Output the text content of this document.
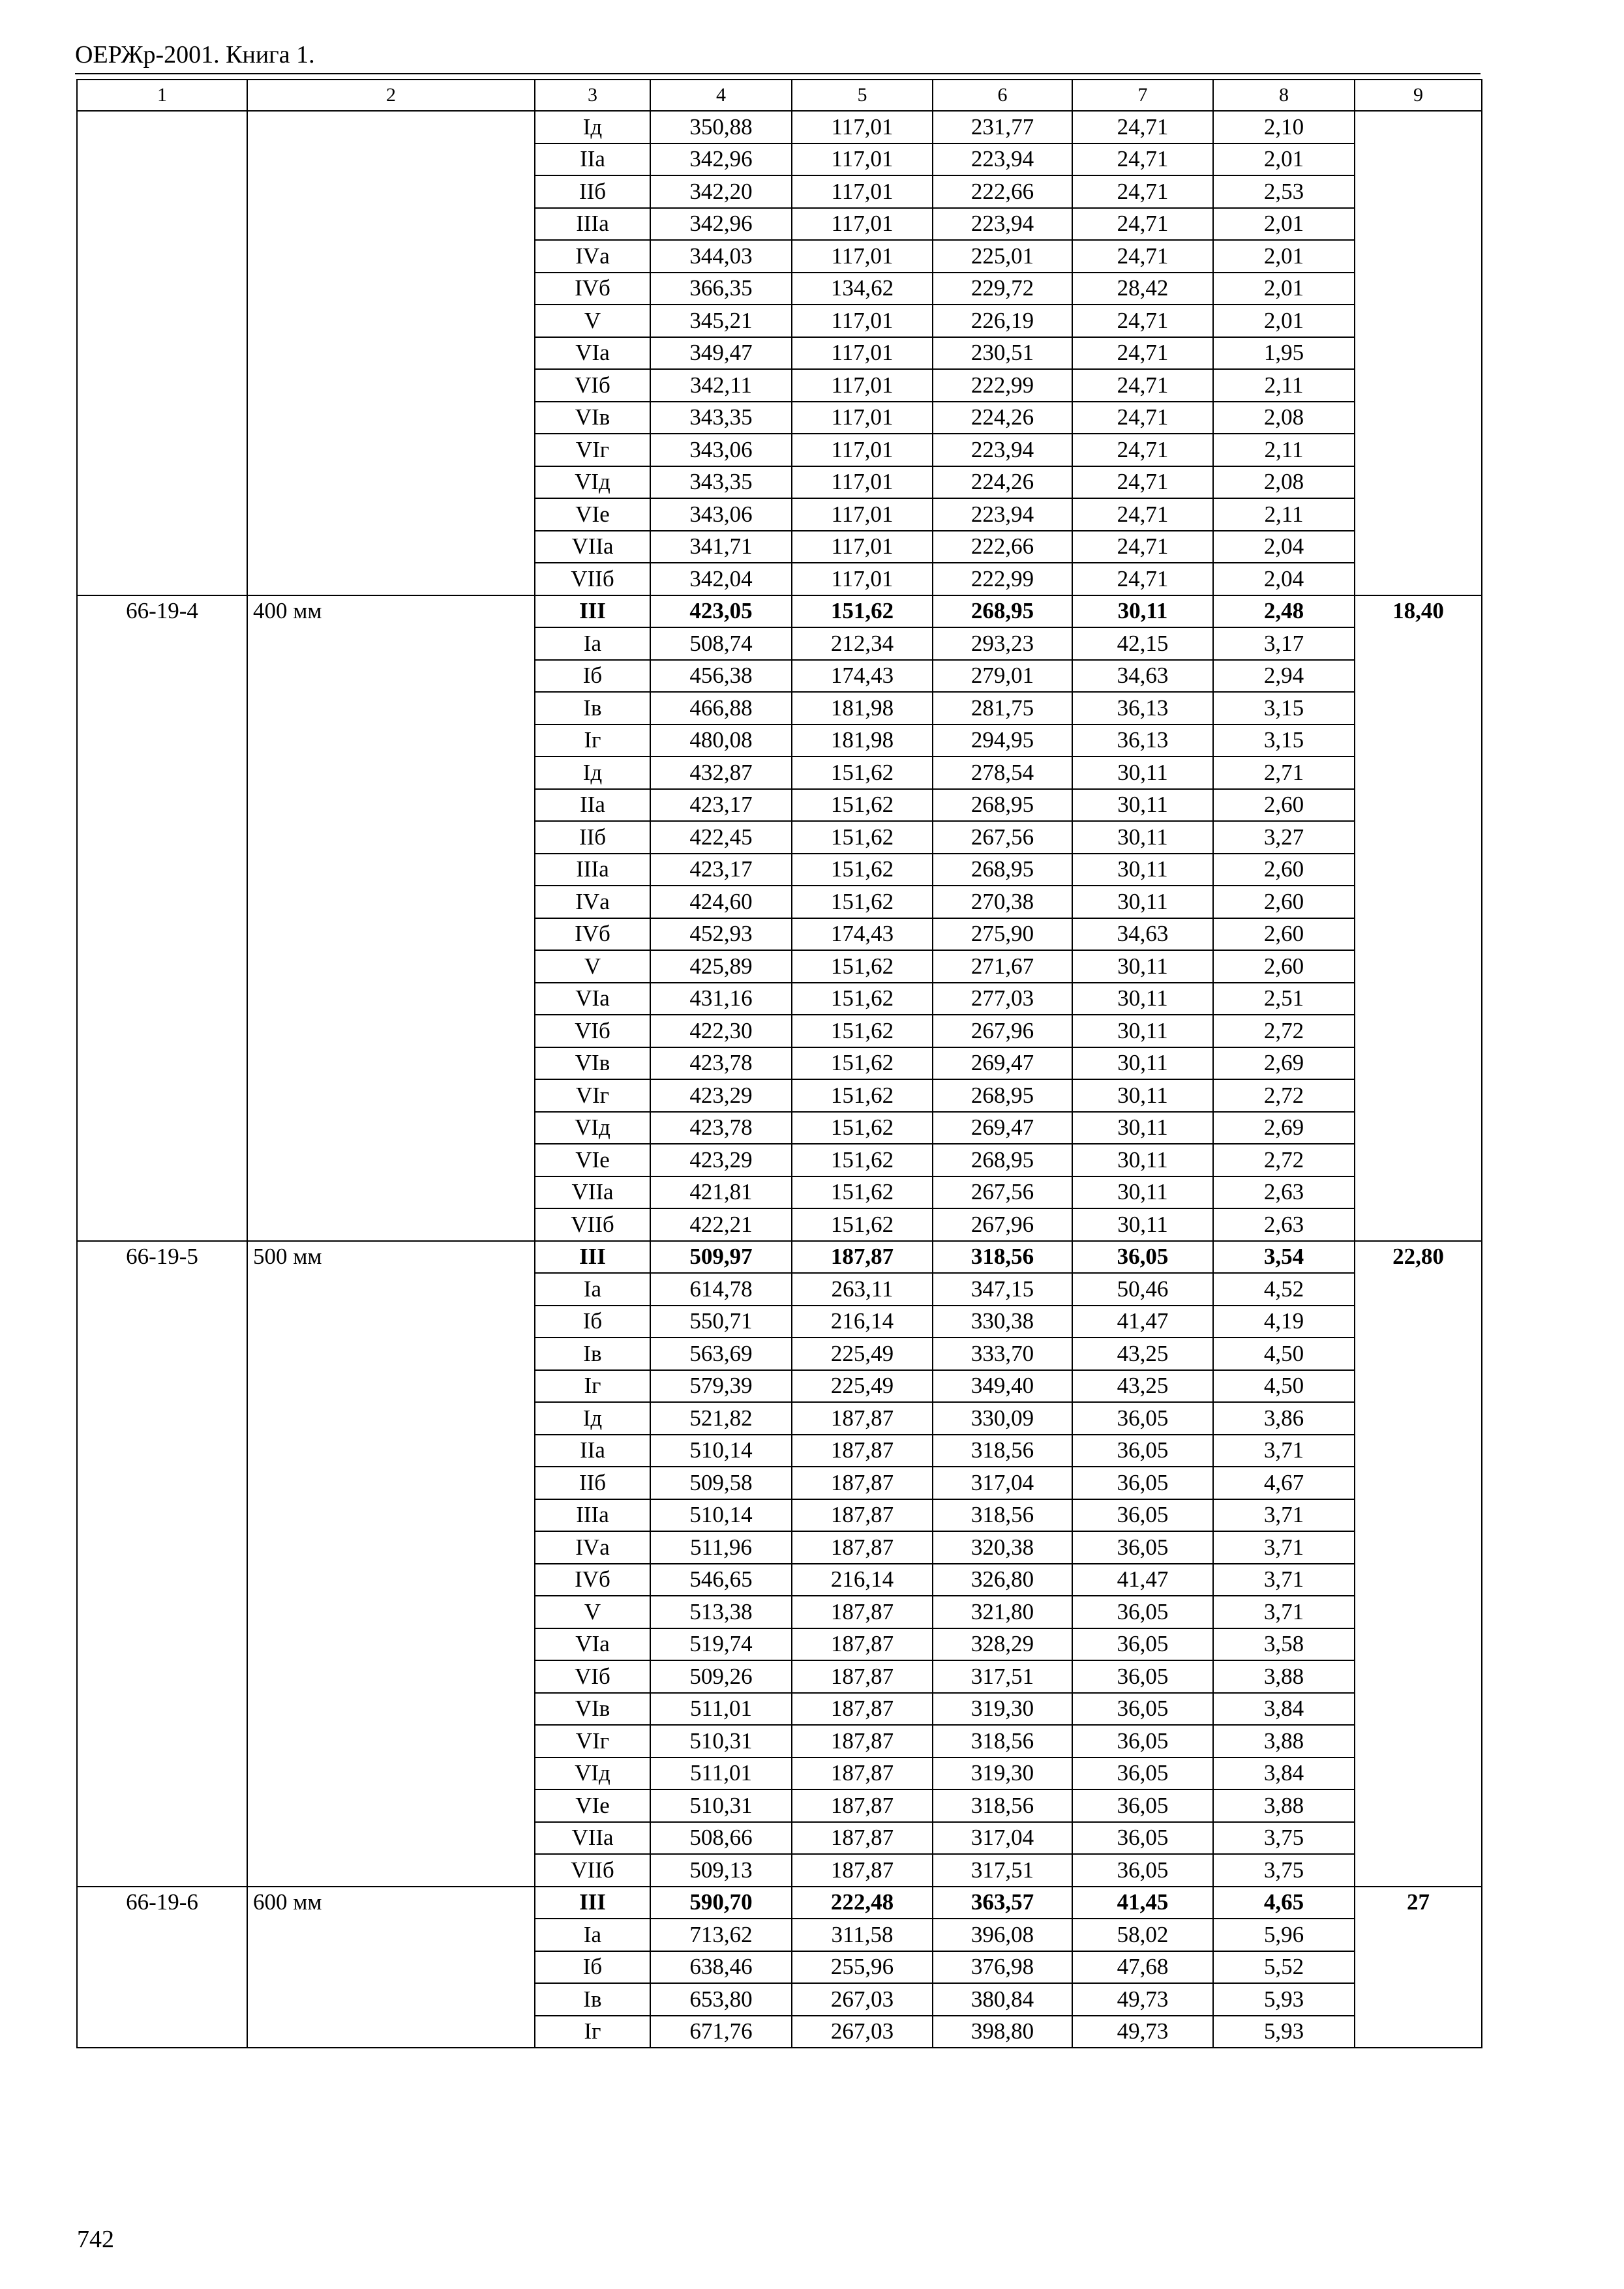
ОЕРЖр-2001. Книга 1.
1	2	3	4	5	6	7	8	9
		Iд	350,88	117,01	231,77	24,71	2,10	
		IIа	342,96	117,01	223,94	24,71	2,01	
		IIб	342,20	117,01	222,66	24,71	2,53	
		IIIа	342,96	117,01	223,94	24,71	2,01	
		IVа	344,03	117,01	225,01	24,71	2,01	
		IVб	366,35	134,62	229,72	28,42	2,01	
		V	345,21	117,01	226,19	24,71	2,01	
		VIа	349,47	117,01	230,51	24,71	1,95	
		VIб	342,11	117,01	222,99	24,71	2,11	
		VIв	343,35	117,01	224,26	24,71	2,08	
		VIг	343,06	117,01	223,94	24,71	2,11	
		VIд	343,35	117,01	224,26	24,71	2,08	
		VIе	343,06	117,01	223,94	24,71	2,11	
		VIIа	341,71	117,01	222,66	24,71	2,04	
		VIIб	342,04	117,01	222,99	24,71	2,04	
66-19-4	400 мм	III	423,05	151,62	268,95	30,11	2,48	18,40
		Iа	508,74	212,34	293,23	42,15	3,17	
		Iб	456,38	174,43	279,01	34,63	2,94	
		Iв	466,88	181,98	281,75	36,13	3,15	
		Iг	480,08	181,98	294,95	36,13	3,15	
		Iд	432,87	151,62	278,54	30,11	2,71	
		IIа	423,17	151,62	268,95	30,11	2,60	
		IIб	422,45	151,62	267,56	30,11	3,27	
		IIIа	423,17	151,62	268,95	30,11	2,60	
		IVа	424,60	151,62	270,38	30,11	2,60	
		IVб	452,93	174,43	275,90	34,63	2,60	
		V	425,89	151,62	271,67	30,11	2,60	
		VIа	431,16	151,62	277,03	30,11	2,51	
		VIб	422,30	151,62	267,96	30,11	2,72	
		VIв	423,78	151,62	269,47	30,11	2,69	
		VIг	423,29	151,62	268,95	30,11	2,72	
		VIд	423,78	151,62	269,47	30,11	2,69	
		VIе	423,29	151,62	268,95	30,11	2,72	
		VIIа	421,81	151,62	267,56	30,11	2,63	
		VIIб	422,21	151,62	267,96	30,11	2,63	
66-19-5	500 мм	III	509,97	187,87	318,56	36,05	3,54	22,80
		Iа	614,78	263,11	347,15	50,46	4,52	
		Iб	550,71	216,14	330,38	41,47	4,19	
		Iв	563,69	225,49	333,70	43,25	4,50	
		Iг	579,39	225,49	349,40	43,25	4,50	
		Iд	521,82	187,87	330,09	36,05	3,86	
		IIа	510,14	187,87	318,56	36,05	3,71	
		IIб	509,58	187,87	317,04	36,05	4,67	
		IIIа	510,14	187,87	318,56	36,05	3,71	
		IVа	511,96	187,87	320,38	36,05	3,71	
		IVб	546,65	216,14	326,80	41,47	3,71	
		V	513,38	187,87	321,80	36,05	3,71	
		VIа	519,74	187,87	328,29	36,05	3,58	
		VIб	509,26	187,87	317,51	36,05	3,88	
		VIв	511,01	187,87	319,30	36,05	3,84	
		VIг	510,31	187,87	318,56	36,05	3,88	
		VIд	511,01	187,87	319,30	36,05	3,84	
		VIе	510,31	187,87	318,56	36,05	3,88	
		VIIа	508,66	187,87	317,04	36,05	3,75	
		VIIб	509,13	187,87	317,51	36,05	3,75	
66-19-6	600 мм	III	590,70	222,48	363,57	41,45	4,65	27
		Iа	713,62	311,58	396,08	58,02	5,96	
		Iб	638,46	255,96	376,98	47,68	5,52	
		Iв	653,80	267,03	380,84	49,73	5,93	
		Iг	671,76	267,03	398,80	49,73	5,93	
742
